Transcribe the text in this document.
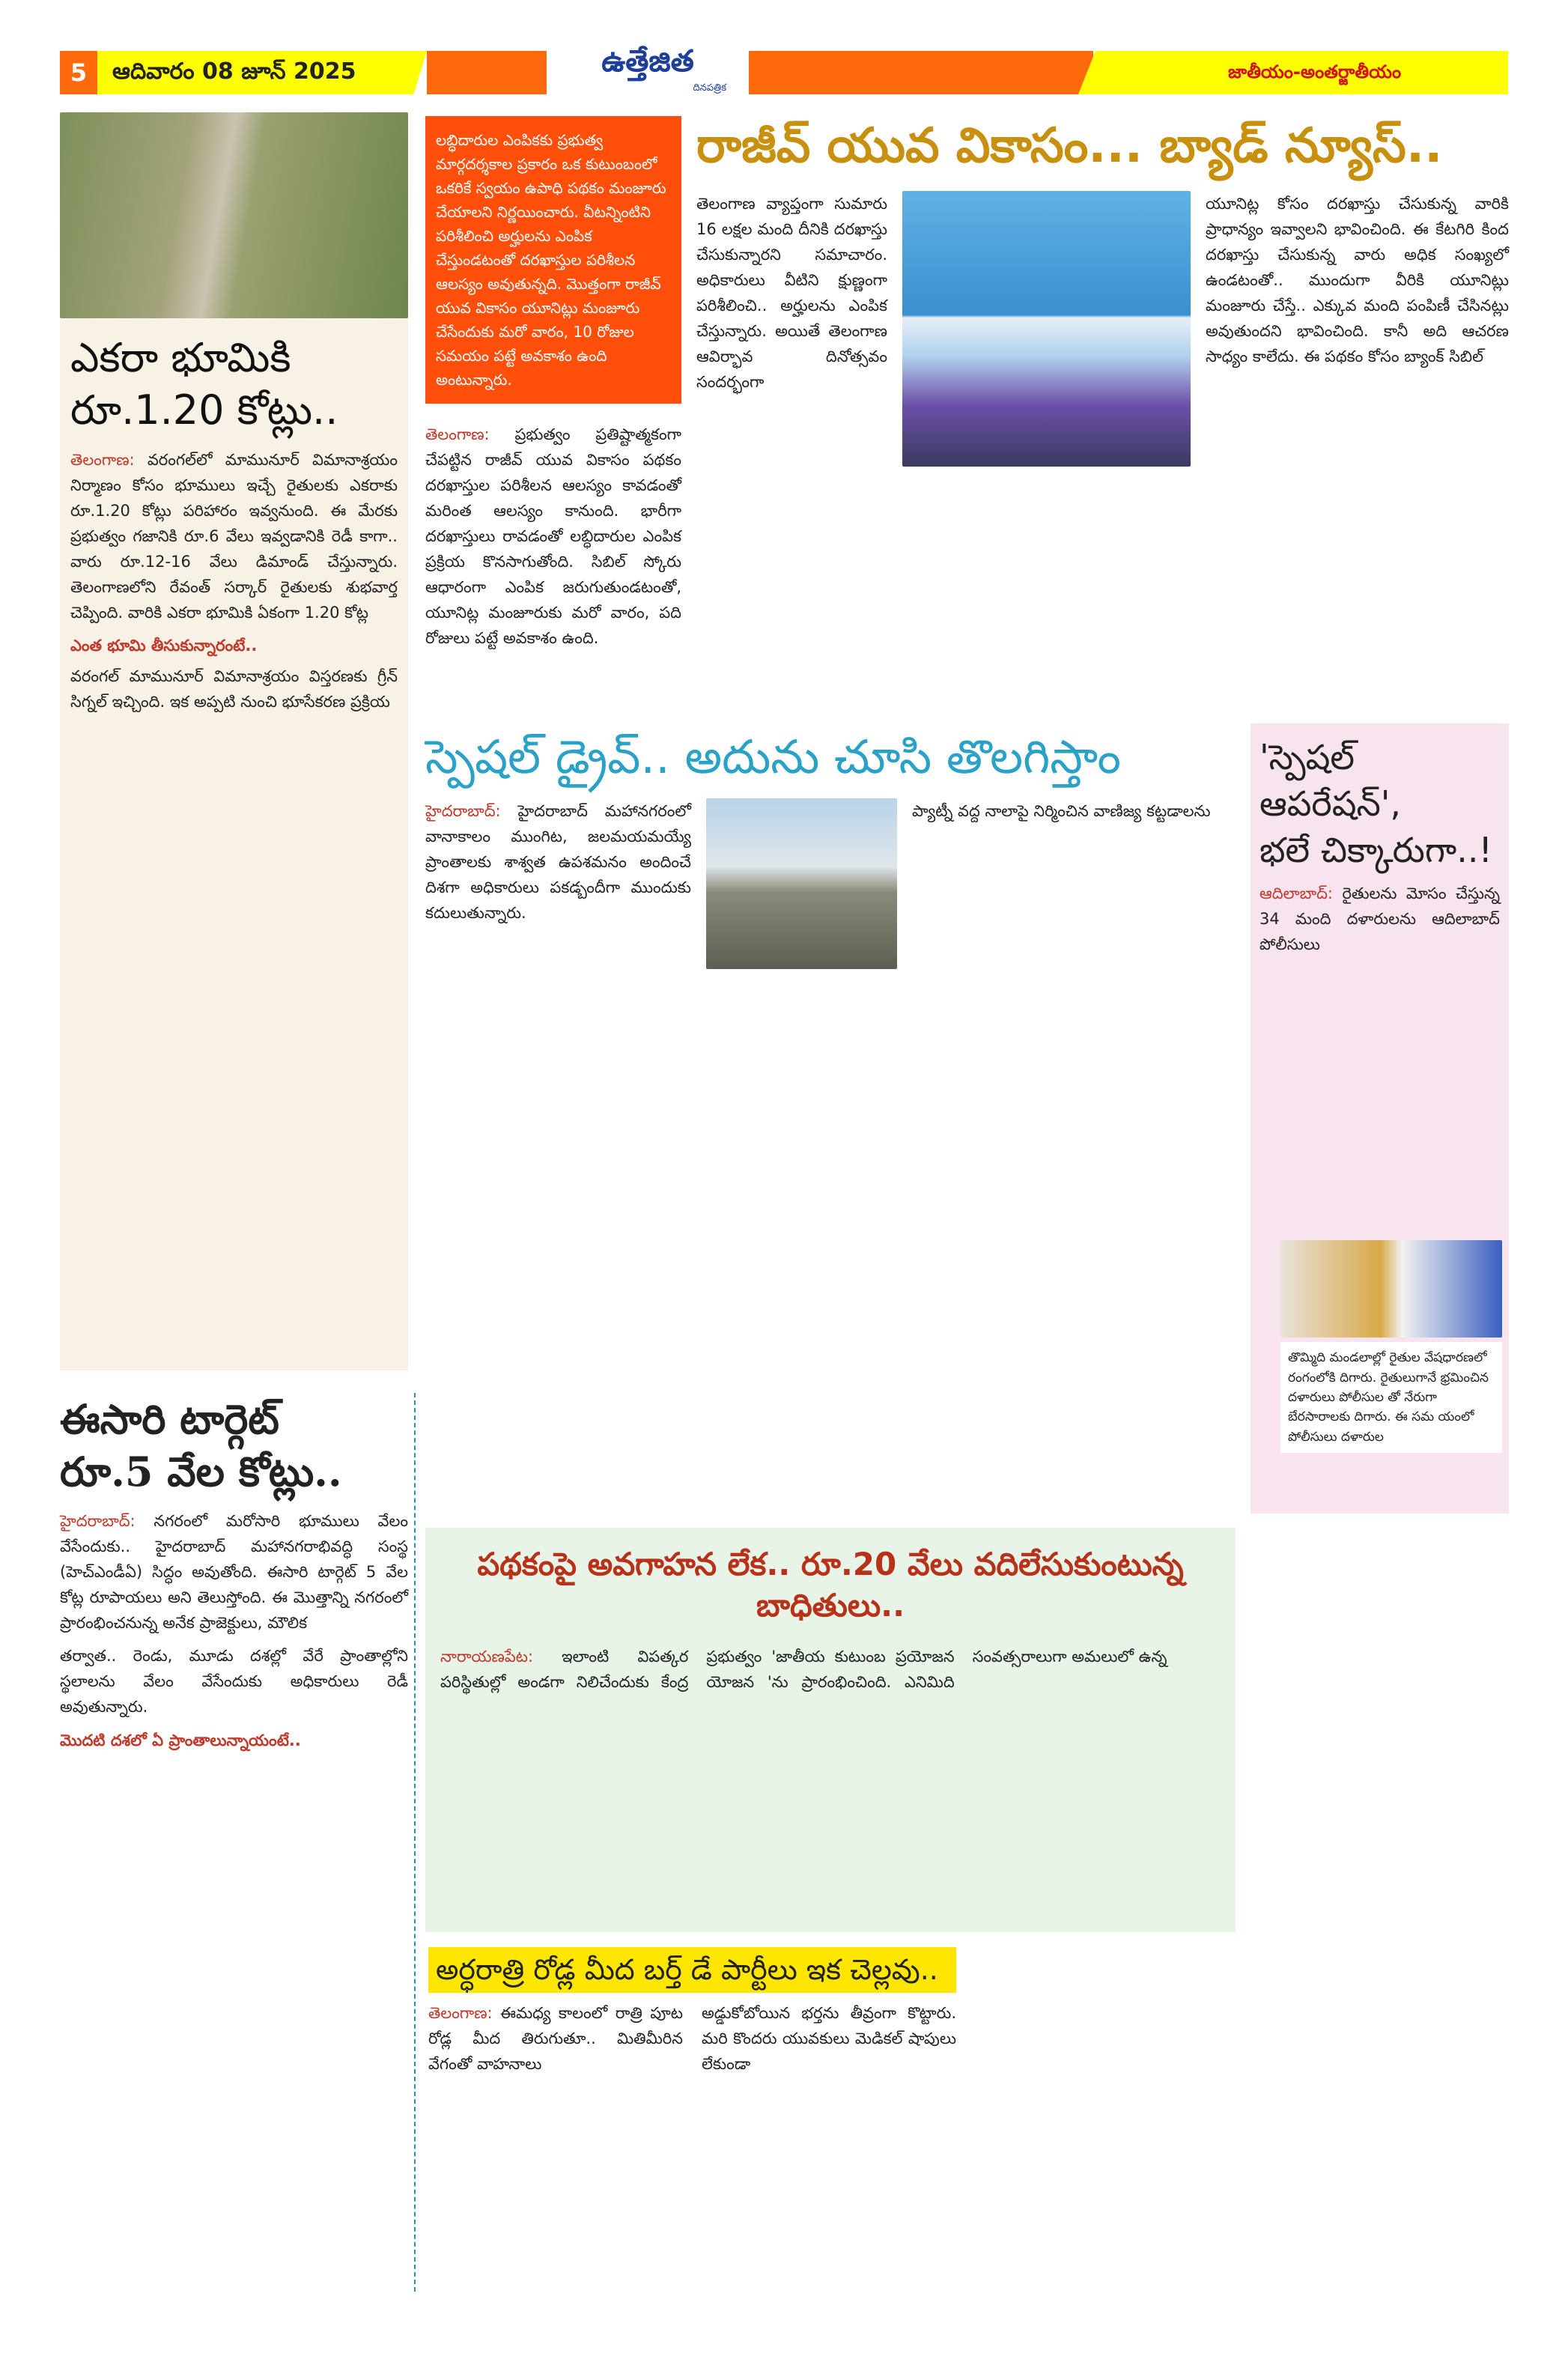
5	ఆదివారం 08 జూన్ 2025	ఉత్తేజిత
దినపత్రిక
జాతీయం-అంతర్జాతీయం
ఎకరా భూమికి
రూ.1.20 కోట్లు..

తెలంగాణ: వరంగల్‌లో మామునూర్ విమానాశ్రయం నిర్మాణం కోసం భూములు ఇచ్చే రైతులకు ఎకరాకు రూ.1.20 కోట్లు పరిహారం ఇవ్వనుంది. ఈ మేరకు ప్రభుత్వం గజానికి రూ.6 వేలు ఇవ్వడానికి రెడీ కాగా.. వారు రూ.12-16 వేలు డిమాండ్ చేస్తున్నారు. తెలంగాణలోని రేవంత్ సర్కార్ రైతులకు శుభవార్త చెప్పింది. వారికి ఎకరా భూమికి ఏకంగా 1.20 కోట్ల

ఎంత భూమి తీసుకున్నారంటే..

వరంగల్ మామునూర్ విమానాశ్రయం విస్తరణకు గ్రీన్ సిగ్నల్ ఇచ్చింది. ఇక అప్పటి నుంచి భూసేకరణ ప్రక్రియ

లబ్ధిదారుల ఎంపికకు ప్రభుత్వ మార్గదర్శకాల ప్రకారం ఒక కుటుంబంలో ఒకరికే స్వయం ఉపాధి పథకం మంజూరు చేయాలని నిర్ణయించారు. వీటన్నింటిని పరిశీలించి అర్హులను ఎంపిక చేస్తుండటంతో దరఖాస్తుల పరిశీలన ఆలస్యం అవుతున్నది. మొత్తంగా రాజీవ్ యువ వికాసం యూనిట్లు మంజూరు చేసేందుకు మరో వారం, 10 రోజుల సమయం పట్టే అవకాశం ఉంది అంటున్నారు.

తెలంగాణ: ప్రభుత్వం ప్రతిష్టాత్మకంగా చేపట్టిన రాజీవ్ యువ వికాసం పథకం దరఖాస్తుల పరిశీలన ఆలస్యం కావడంతో మరింత ఆలస్యం కానుంది. భారీగా దరఖాస్తులు రావడంతో లబ్ధిదారుల ఎంపిక ప్రక్రియ కొనసాగుతోంది. సిబిల్ స్కోరు ఆధారంగా ఎంపిక జరుగుతుండటంతో, యూనిట్ల మంజూరుకు మరో వారం, పది రోజులు పట్టే అవకాశం ఉంది.

రాజీవ్ యువ వికాసం... బ్యాడ్ న్యూస్..

తెలంగాణ వ్యాప్తంగా సుమారు 16 లక్షల మంది దీనికి దరఖాస్తు చేసుకున్నారని సమాచారం. అధికారులు వీటిని క్షుణ్ణంగా పరిశీలించి.. అర్హులను ఎంపిక చేస్తున్నారు. అయితే తెలంగాణ ఆవిర్భావ దినోత్సవం సందర్భంగా

యూనిట్ల కోసం దరఖాస్తు చేసుకున్న వారికి ప్రాధాన్యం ఇవ్వాలని భావించింది. ఈ కేటగిరి కింద దరఖాస్తు చేసుకున్న వారు అధిక సంఖ్యలో ఉండటంతో.. ముందుగా వీరికి యూనిట్లు మంజూరు చేస్తే.. ఎక్కువ మంది పంపిణీ చేసినట్లు అవుతుందని భావించింది. కానీ అది ఆచరణ సాధ్యం కాలేదు. ఈ పథకం కోసం బ్యాంక్ సిబిల్

స్పెషల్ డ్రైవ్.. అదును చూసి తొలగిస్తాం

హైదరాబాద్: హైదరాబాద్ మహానగరంలో వానాకాలం ముంగిట, జలమయమయ్యే ప్రాంతాలకు శాశ్వత ఉపశమనం అందించే దిశగా అధికారులు పకడ్బందీగా ముందుకు కదులుతున్నారు.

ప్యాట్నీ వద్ద నాలాపై నిర్మించిన వాణిజ్య కట్టడాలను

'స్పెషల్ ఆపరేషన్',
భలే చిక్కారుగా..!

ఆదిలాబాద్: రైతులను మోసం చేస్తున్న 34 మంది దళారులను ఆదిలాబాద్ పోలీసులు

తొమ్మిది మండలాల్లో రైతుల వేషధారణలో రంగంలోకి దిగారు. రైతులుగానే భ్రమించిన దళారులు పోలీసుల తో నేరుగా బేరసారాలకు దిగారు. ఈ సమ యంలో పోలీసులు దళారుల
ఈసారి టార్గెట్
రూ.5 వేల కోట్లు..

హైదరాబాద్: నగరంలో మరోసారి భూములు వేలం వేసేందుకు.. హైదరాబాద్ మహానగరాభివద్ధి సంస్థ (హెచ్ఎండీఏ) సిద్ధం అవుతోంది. ఈసారి టార్గెట్ 5 వేల కోట్ల రూపాయలు అని తెలుస్తోంది. ఈ మొత్తాన్ని నగరంలో ప్రారంభించనున్న అనేక ప్రాజెక్టులు, మౌలిక

తర్వాత.. రెండు, మూడు దశల్లో వేరే ప్రాంతాల్లోని స్థలాలను వేలం వేసేందుకు అధికారులు రెడీ అవుతున్నారు.

మొదటి దశలో ఏ ప్రాంతాలున్నాయంటే..
పథకంపై అవగాహన లేక.. రూ.20 వేలు వదిలేసుకుంటున్న బాధితులు..

నారాయణపేట: ఇలాంటి విపత్కర పరిస్థితుల్లో అండగా నిలిచేందుకు కేంద్ర ప్రభుత్వం 'జాతీయ కుటుంబ ప్రయోజన యోజన 'ను ప్రారంభించింది. ఎనిమిది సంవత్సరాలుగా అమలులో ఉన్న

అర్ధరాత్రి రోడ్ల మీద బర్త్ డే పార్టీలు ఇక చెల్లవు..

తెలంగాణ: ఈమధ్య కాలంలో రాత్రి పూట రోడ్ల మీద తిరుగుతూ.. మితిమీరిన వేగంతో వాహనాలు

అడ్డుకోబోయిన భర్తను తీవ్రంగా కొట్టారు. మరి కొందరు యువకులు మెడికల్ షాపులు లేకుండా
